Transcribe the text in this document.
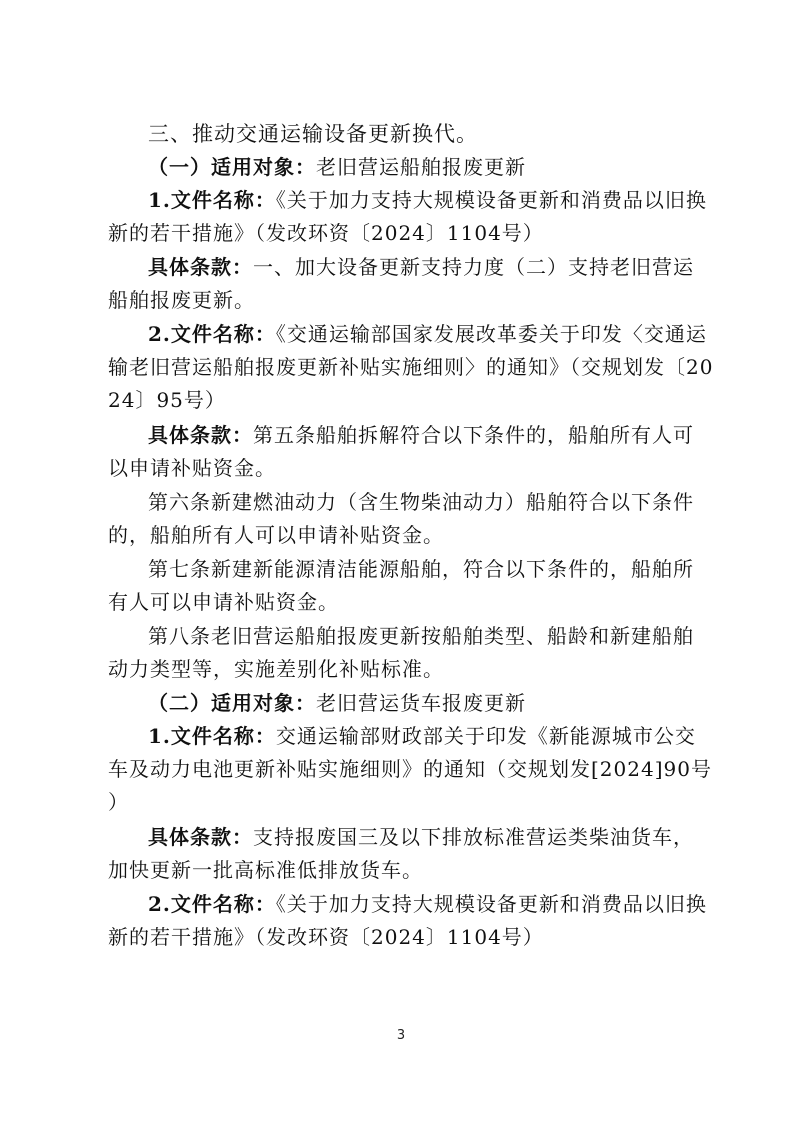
三、推动交通运输设备更新换代。
（一）适用对象：老旧营运船舶报废更新
1.文件名称：《关于加力支持大规模设备更新和消费品以旧换
新的若干措施》（发改环资〔2024〕1104号）
具体条款：一、加大设备更新支持力度（二）支持老旧营运
船舶报废更新。
2.文件名称：《交通运输部国家发展改革委关于印发〈交通运
输老旧营运船舶报废更新补贴实施细则〉的通知》（交规划发〔20
24〕95号）
具体条款：第五条船舶拆解符合以下条件的，船舶所有人可
以申请补贴资金。
第六条新建燃油动力（含生物柴油动力）船舶符合以下条件
的，船舶所有人可以申请补贴资金。
第七条新建新能源清洁能源船舶，符合以下条件的，船舶所
有人可以申请补贴资金。
第八条老旧营运船舶报废更新按船舶类型、船龄和新建船舶
动力类型等，实施差别化补贴标准。
（二）适用对象：老旧营运货车报废更新
1.文件名称：交通运输部财政部关于印发《新能源城市公交
车及动力电池更新补贴实施细则》的通知（交规划发[2024]90号
）
具体条款：支持报废国三及以下排放标准营运类柴油货车，
加快更新一批高标准低排放货车。
2.文件名称：《关于加力支持大规模设备更新和消费品以旧换
新的若干措施》（发改环资〔2024〕1104号）
3
